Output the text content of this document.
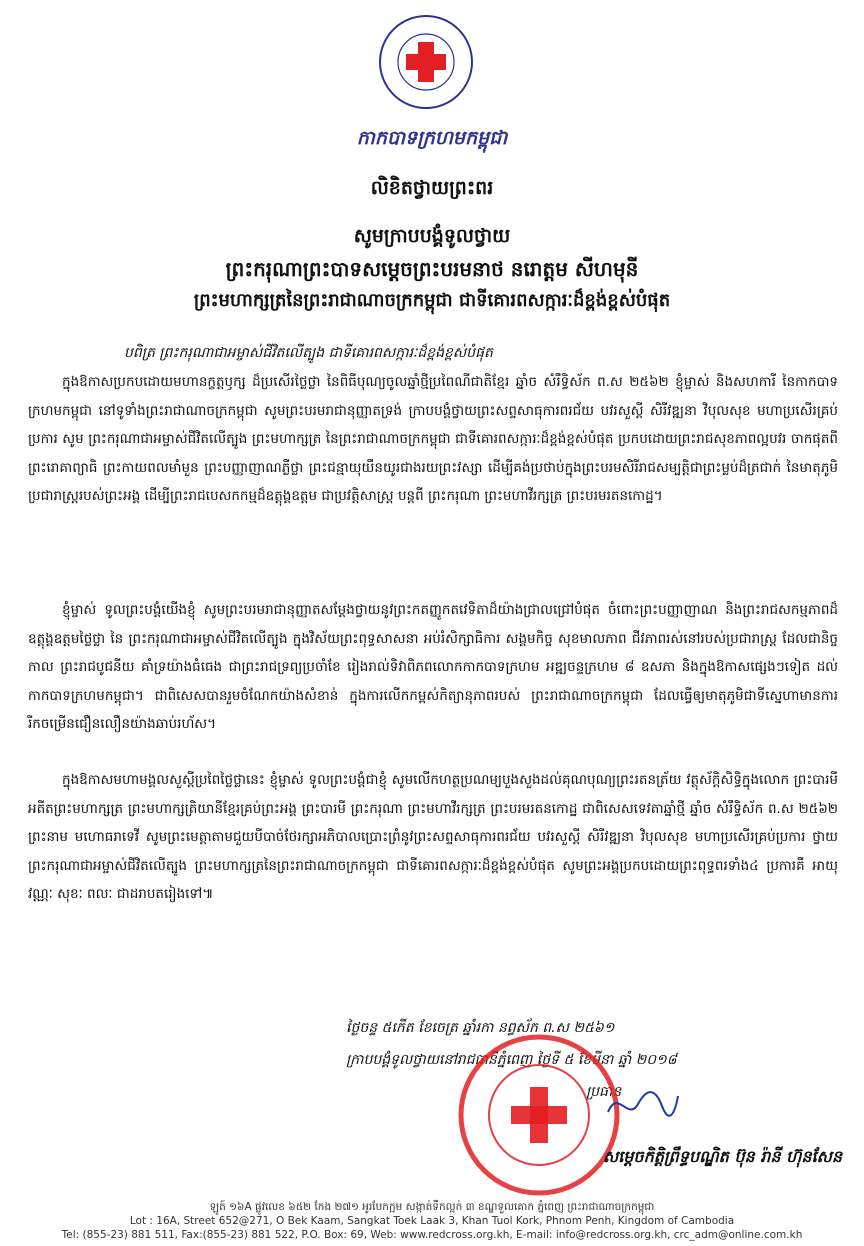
កាកបាទក្រហមកម្ពុជា
លិខិតថ្វាយព្រះពរ
សូមក្រាបបង្គំទូលថ្វាយ
ព្រះករុណាព្រះបាទសម្តេចព្រះបរមនាថ នរោត្តម សីហមុនី
ព្រះមហាក្សត្រនៃព្រះរាជាណាចក្រកម្ពុជា ជាទីគោរពសក្ការៈដ៏ខ្ពង់ខ្ពស់បំផុត
បពិត្រ ព្រះករុណាជាអម្ចាស់ជីវិតលើត្បូង ជាទីគោរពសក្ការៈដ៏ខ្ពង់ខ្ពស់បំផុត

ក្នុងឱកាសប្រកបដោយមហានក្ខត្តឫក្ស ដ៏ប្រសើរថ្លៃថ្លា នៃពិធីបុណ្យចូលឆ្នាំថ្មីប្រពៃណីជាតិខ្មែរ ឆ្នាំច សំរឹទ្ធិស័ក ព.ស ២៥៦២ ខ្ញុំម្ចាស់ និងសហការី នៃកាកបាទក្រហមកម្ពុជា នៅទូទាំងព្រះរាជាណាចក្រកម្ពុជា សូមព្រះបរមរាជានុញ្ញាតទ្រង់ ក្រាបបង្គំថ្វាយព្រះសព្ទសាធុការពរជ័យ បវរសួស្តី សិរីវឌ្ឍនា វិបុលសុខ មហាប្រសើរគ្រប់ប្រការ សូម ព្រះករុណាជាអម្ចាស់ជីវិតលើត្បូង ព្រះមហាក្សត្រ នៃព្រះរាជាណាចក្រកម្ពុជា ជាទីគោរពសក្ការៈដ៏ខ្ពង់ខ្ពស់បំផុត ប្រកបដោយព្រះរាជសុខភាពល្អបវរ ចាកផុតពីព្រះរោគាព្យាធិ ព្រះកាយពលមាំមួន ព្រះបញ្ញាញាណភ្លឺថ្លា ព្រះជន្មាយុយឺនយូរជាងរយព្រះវស្សា ដើម្បីគង់ប្រថាប់ក្នុងព្រះបរមសិរីរាជសម្បត្តិជាព្រះម្លប់ដ៏ត្រជាក់ នៃមាតុភូមិ ប្រជារាស្ត្ររបស់ព្រះអង្គ ដើម្បីព្រះរាជបេសកកម្មដ៏ឧត្តុង្គឧត្តម ជាប្រវត្តិសាស្ត្រ បន្តពី ព្រះករុណា ព្រះមហាវីរក្សត្រ ព្រះបរមរតនកោដ្ឋ។

ខ្ញុំម្ចាស់ ទូលព្រះបង្គំយើងខ្ញុំ សូមព្រះបរមរាជានុញ្ញាតសម្តែងថ្វាយនូវព្រះកតញ្ញូកតវេទិតាដ៏យ៉ាងជ្រាលជ្រៅបំផុត ចំពោះព្រះបញ្ញាញាណ និងព្រះរាជសកម្មភាពដ៏ឧត្តុង្គឧត្តមថ្លៃថ្លា នៃ ព្រះករុណាជាអម្ចាស់ជីវិតលើត្បូង ក្នុងវិស័យព្រះពុទ្ធសាសនា អប់រំសិក្សាធិការ សង្គមកិច្ច សុខមាលភាព ជីវភាពរស់នៅរបស់ប្រជារាស្ត្រ ដែលជានិច្ចកាល ព្រះរាជបូជនីយ គាំទ្រយ៉ាងធំធេង ជាព្រះរាជទ្រព្យប្រចាំខែ រៀងរាល់ទិវាពិភពលោកកាកបាទក្រហម អឌ្ឍចន្ទក្រហម ៨ ឧសភា និងក្នុងឱកាសផ្សេងៗទៀត ដល់កាកបាទក្រហមកម្ពុជា។ ជាពិសេសបានរួមចំណែកយ៉ាងសំខាន់ ក្នុងការលើកកម្ពស់កិត្យានុភាពរបស់ ព្រះរាជាណាចក្រកម្ពុជា ដែលធ្វើឲ្យមាតុភូមិជាទីស្នេហាមានការរីកចម្រើនជឿនលឿនយ៉ាងឆាប់រហ័ស។

ក្នុងឱកាសមហាមង្គលសួស្តីប្រពៃថ្លៃថ្លានេះ ខ្ញុំម្ចាស់ ទូលព្រះបង្គំជាខ្ញុំ សូមលើកហត្ថប្រណម្យបួងសួងដល់គុណបុណ្យព្រះរតនត្រ័យ វត្ថុស័ក្តិសិទ្ធិក្នុងលោក ព្រះបារមីអតីតព្រះមហាក្សត្រ ព្រះមហាក្សត្រិយានីខ្មែរគ្រប់ព្រះអង្គ ព្រះបារមី ព្រះករុណា ព្រះមហាវីរក្សត្រ ព្រះបរមរតនកោដ្ឋ ជាពិសេសទេវតាឆ្នាំថ្មី ឆ្នាំច សំរឹទ្ធិស័ក ព.ស ២៥៦២ ព្រះនាម មហោធរាទេវី សូមព្រះមេត្តាតាមជួយបីបាច់ថែរក្សាអភិបាលប្រោះព្រំនូវព្រះសព្ទសាធុការពរជ័យ បវរសួស្តី សិរីវឌ្ឍនា វិបុលសុខ មហាប្រសើរគ្រប់ប្រការ ថ្វាយ ព្រះករុណាជាអម្ចាស់ជីវិតលើត្បូង ព្រះមហាក្សត្រនៃព្រះរាជាណាចក្រកម្ពុជា ជាទីគោរពសក្ការៈដ៏ខ្ពង់ខ្ពស់បំផុត សូមព្រះអង្គប្រកបដោយព្រះពុទ្ធពរទាំង៤ ប្រការគឺ អាយុ វណ្ណៈ សុខៈ ពលៈ ជាដរាបតរៀងទៅ៕

ថ្ងៃចន្ទ ៥កើត ខែចេត្រ ឆ្នាំរកា នព្វស័ក ព.ស ២៥៦១
ក្រាបបង្គំទូលថ្វាយនៅរាជធានីភ្នំពេញ ថ្ងៃទី ៥ ខែមីនា ឆ្នាំ ២០១៨
ប្រធាន
សម្តេចកិត្តិព្រឹទ្ធបណ្ឌិត ប៊ុន រ៉ានី ហ៊ុនសែន
ឡូត៍ ១៦A ផ្លូវលេខ ៦៥២ កែង ២៧១ អូរបែកក្អម សង្កាត់ទឹកល្អក់ ៣ ខណ្ឌទួលគោក ភ្នំពេញ ព្រះរាជាណាចក្រកម្ពុជា
Lot : 16A, Street 652@271, O Bek Kaam, Sangkat Toek Laak 3, Khan Tuol Kork, Phnom Penh, Kingdom of Cambodia
Tel: (855-23) 881 511, Fax:(855-23) 881 522, P.O. Box: 69, Web: www.redcross.org.kh, E-mail: info@redcross.org.kh, crc_adm@online.com.kh
